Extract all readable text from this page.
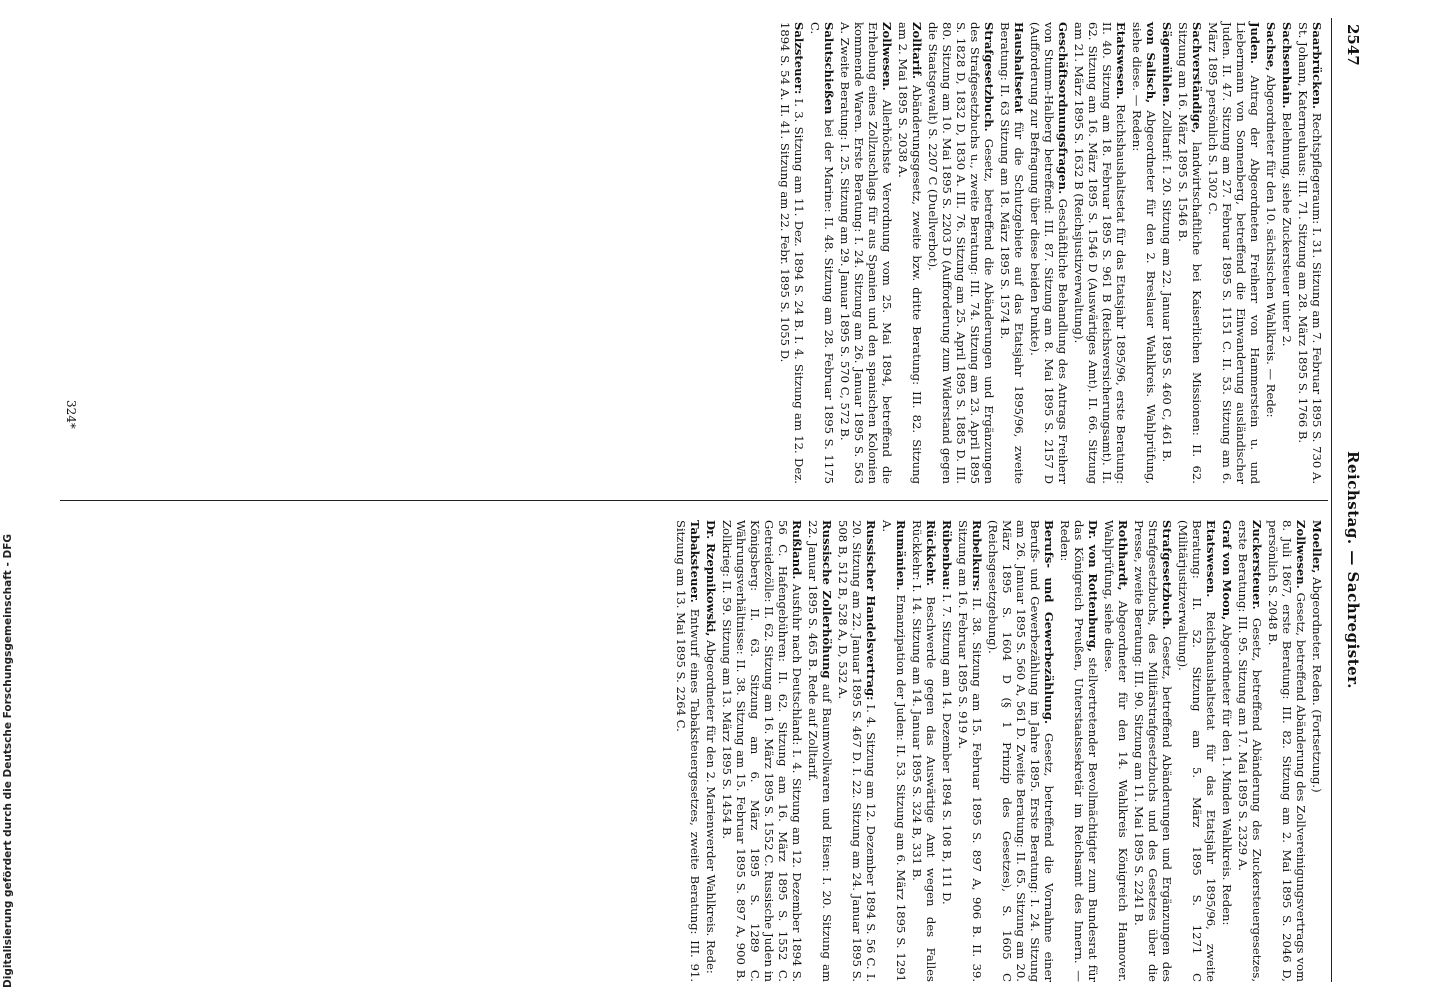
Digitalisierung gefördert durch die Deutsche Forschungsgemeinschaft - DFG
2547
Reichstag. — Sachregister.

Moeller, Abgeordneter. Reden. (Fortsetzung.)

Zollwesen. Gesetz, betreffend Abänderung des Zollvereinigungsvertrags vom 8. Juli 1867, erste Beratung: III. 82. Sitzung am 2. Mai 1895 S. 2046 D, persönlich S. 2048 B.

Zuckersteuer. Gesetz, betreffend Abänderung des Zuckersteuergesetzes, erste Beratung: III. 95. Sitzung am 17. Mai 1895 S. 2329 A.

Graf von Moon, Abgeordneter für den 1. Minden Wahlkreis. Reden:

Etatswesen. Reichshaushaltsetat für das Etatsjahr 1895/96, zweite Beratung: II. 52. Sitzung am 5. März 1895 S. 1271 C (Militärjustizverwaltung).

Strafgesetzbuch. Gesetz, betreffend Abänderungen und Ergänzungen des Strafgesetzbuchs, des Militärstrafgesetzbuchs und des Gesetzes über die Presse, zweite Beratung: III. 90. Sitzung am 11. Mai 1895 S. 2241 B.

Rothhardt, Abgeordneter für den 14. Wahlkreis Königreich Hannover. Wahlprüfung, siehe diese.

Dr. von Rottenburg, stellvertretender Bevollmächtigter zum Bundesrat für das Königreich Preußen, Unterstaatssekretär im Reichsamt des Innern. — Reden:

Berufs- und Gewerbezählung. Gesetz, betreffend die Vornahme einer Berufs- und Gewerbezählung im Jahre 1895. Erste Beratung: I. 24. Sitzung am 26. Januar 1895 S. 560 A, 561 D. Zweite Beratung: II. 65. Sitzung am 20. März 1895 S. 1604 D (§ 1 Prinzip des Gesetzes), S. 1605 C (Reichsgesetzgebung).

Rubelkurs: II. 38. Sitzung am 15. Februar 1895 S. 897 A, 906 B. II. 39. Sitzung am 16. Februar 1895 S. 919 A.

Rübenbau: I. 7. Sitzung am 14. Dezember 1894 S. 108 B, 111 D.

Rückkehr. Beschwerde gegen das Auswärtige Amt wegen des Falles Rückkehr: I. 14. Sitzung am 14. Januar 1895 S. 324 B, 331 B.

Rumänien. Emanzipation der Juden: II. 53. Sitzung am 6. März 1895 S. 1291 A.

Russischer Handelsvertrag: I. 4. Sitzung am 12. Dezember 1894 S. 56 C. I. 20. Sitzung am 22. Januar 1895 S. 467 D. I. 22. Sitzung am 24. Januar 1895 S. 508 B, 512 B, 528 A, D, 532 A.

Russische Zollerhöhung auf Baumwollwaren und Eisen: I. 20. Sitzung am 22. Januar 1895 S. 465 B. Rede auf Zolltarif.

Rußland. Ausfuhr nach Deutschland: I. 4. Sitzung am 12. Dezember 1894 S. 56 C. Hafengebühren: II. 62. Sitzung am 16. März 1895 S. 1552 C. Getreidezölle: II. 62. Sitzung am 16. März 1895 S. 1552 C. Russische Juden in Königsberg: II. 63. Sitzung am 6. März 1895 S. 1289 C. Währungsverhältnisse: II. 38. Sitzung am 15. Februar 1895 S. 897 A, 900 B. Zollkrieg: II. 59. Sitzung am 13. März 1895 S. 1454 B.

Dr. Rzepnikowski, Abgeordneter für den 2. Marienwerder Wahlkreis. Rede:

Tabaksteuer. Entwurf eines Tabaksteuergesetzes, zweite Beratung: III. 91. Sitzung am 13. Mai 1895 S. 2264 C.

Saarbrücken. Rechtspflegeraum: I. 31. Sitzung am 7. Februar 1895 S. 730 A. St. Johann, Katerneuhaus: III. 71. Sitzung am 28. März 1895 S. 1766 B.

Sachsenhain. Belehnung, siehe Zuckersteuer unter 2.

Sachse, Abgeordneter für den 10. sächsischen Wahlkreis. — Rede:

Juden. Antrag der Abgeordneten Freiherr von Hammerstein u. und Liebermann von Sonnenberg, betreffend die Einwanderung ausländischer Juden. II. 47. Sitzung am 27. Februar 1895 S. 1151 C. II. 53. Sitzung am 6. März 1895 persönlich S. 1302 C.

Sachverständige, landwirtschaftliche bei Kaiserlichen Missionen: II. 62. Sitzung am 16. März 1895 S. 1546 B.

Sägemühlen. Zolltarif: I. 20. Sitzung am 22. Januar 1895 S. 460 C, 461 B.

von Salisch, Abgeordneter für den 2. Breslauer Wahlkreis. Wahlprüfung, siehe diese. — Reden:

Etatswesen. Reichshaushaltsetat für das Etatsjahr 1895/96, erste Beratung: II. 40. Sitzung am 18. Februar 1895 S. 961 B (Reichsversicherungsamt). II. 62. Sitzung am 16. März 1895 S. 1546 D (Auswärtiges Amt). II. 66. Sitzung am 21. März 1895 S. 1632 B (Reichsjustizverwaltung).

Geschäftsordnungsfragen. Geschäftliche Behandlung des Antrags Freiherr von Stumm-Halberg betreffend: III. 87. Sitzung am 8. Mai 1895 S. 2157 D (Aufforderung zur Befragung über diese beiden Punkte).

Haushaltsetat für die Schutzgebiete auf das Etatsjahr 1895/96, zweite Beratung: II. 63 Sitzung am 18. März 1895 S. 1574 B.

Strafgesetzbuch. Gesetz, betreffend die Abänderungen und Ergänzungen des Strafgesetzbuchs u., zweite Beratung: III. 74. Sitzung am 23. April 1895 S. 1828 D, 1832 D, 1830 A. III. 76. Sitzung am 25. April 1895 S. 1885 D. III. 80. Sitzung am 10. Mai 1895 S. 2203 D (Aufforderung zum Widerstand gegen die Staatsgewalt) S. 2207 C (Duellverbot).

Zolltarif. Abänderungsgesetz, zweite bzw. dritte Beratung: III. 82. Sitzung am 2. Mai 1895 S. 2038 A.

Zollwesen. Allerhöchste Verordnung vom 25. Mai 1894, betreffend die Erhebung eines Zollzuschlags für aus Spanien und den spanischen Kolonien kommende Waren. Erste Beratung: I. 24. Sitzung am 26. Januar 1895 S. 563 A. Zweite Beratung: I. 25. Sitzung am 29. Januar 1895 S. 570 C, 572 B.

Salutschießen bei der Marine: II. 48. Sitzung am 28. Februar 1895 S. 1175 C.

Salzsteuer: I. 3. Sitzung am 11. Dez. 1894 S. 24 B. I. 4. Sitzung am 12. Dez. 1894 S. 54 A. II. 41. Sitzung am 22. Febr. 1895 S. 1055 D.

324*
